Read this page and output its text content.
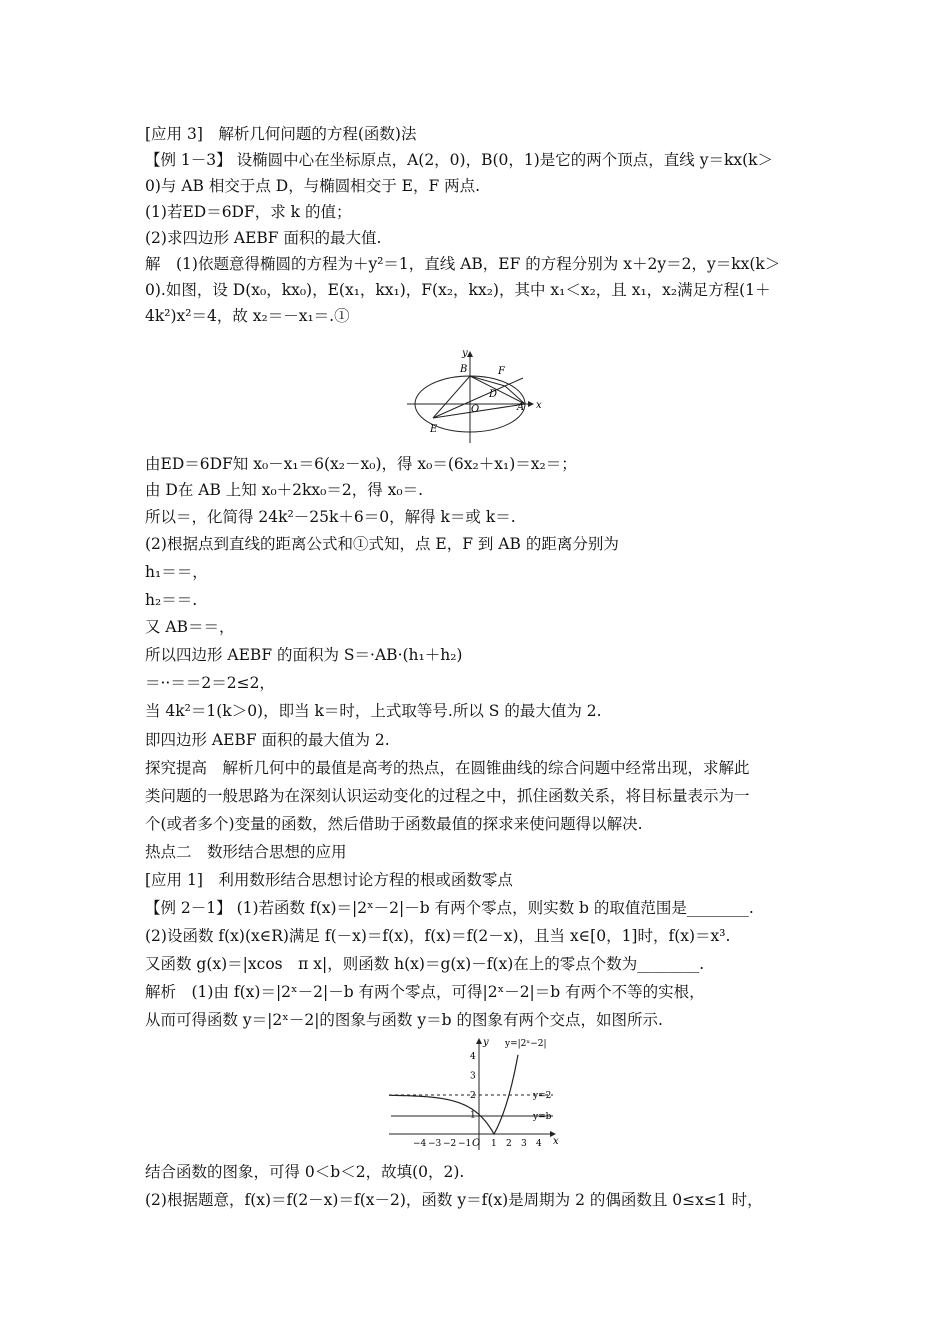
[应用 3]　解析几何问题的方程(函数)法
【例 1－3】 设椭圆中心在坐标原点，A(2，0)，B(0，1)是它的两个顶点，直线 y＝kx(k＞
0)与 AB 相交于点 D，与椭圆相交于 E，F 两点.
(1)若ED＝6DF，求 k 的值；
(2)求四边形 AEBF 面积的最大值.
解　(1)依题意得椭圆的方程为＋y²＝1，直线 AB，EF 的方程分别为 x＋2y＝2，y＝kx(k＞
0).如图，设 D(x₀，kx₀)，E(x₁，kx₁)，F(x₂，kx₂)，其中 x₁＜x₂，且 x₁，x₂满足方程(1＋
4k²)x²＝4，故 x₂＝－x₁＝.①
y
x
B	F
D
O	A
E
由ED＝6DF知 x₀－x₁＝6(x₂－x₀)，得 x₀＝(6x₂＋x₁)＝x₂＝；
由 D在 AB 上知 x₀＋2kx₀＝2，得 x₀＝.
所以＝，化简得 24k²－25k＋6＝0，解得 k＝或 k＝.
(2)根据点到直线的距离公式和①式知，点 E，F 到 AB 的距离分别为
h₁＝＝，
h₂＝＝.
又 AB＝＝，
所以四边形 AEBF 的面积为 S＝·AB·(h₁＋h₂)
＝··＝＝2＝2≤2，
当 4k²＝1(k＞0)，即当 k＝时，上式取等号.所以 S 的最大值为 2.
即四边形 AEBF 面积的最大值为 2.
探究提高　解析几何中的最值是高考的热点，在圆锥曲线的综合问题中经常出现，求解此
类问题的一般思路为在深刻认识运动变化的过程之中，抓住函数关系，将目标量表示为一
个(或者多个)变量的函数，然后借助于函数最值的探求来使问题得以解决.
热点二　数形结合思想的应用
[应用 1]　利用数形结合思想讨论方程的根或函数零点
【例 2－1】 (1)若函数 f(x)＝|2ˣ－2|－b 有两个零点，则实数 b 的取值范围是________.
(2)设函数 f(x)(x∈R)满足 f(－x)＝f(x)，f(x)＝f(2－x)，且当 x∈[0，1]时，f(x)＝x³.
又函数 g(x)＝|xcos　π x|，则函数 h(x)＝g(x)－f(x)在上的零点个数为________.
解析　(1)由 f(x)＝|2ˣ－2|－b 有两个零点，可得|2ˣ－2|＝b 有两个不等的实根，
从而可得函数 y＝|2ˣ－2|的图象与函数 y＝b 的图象有两个交点，如图所示.
4
3
2
1
−4 −3 −2 −1 1 2 3 4
y
x
y=|2ˣ−2|
y=2
y=b
O
结合函数的图象，可得 0＜b＜2，故填(0，2).
(2)根据题意，f(x)＝f(2－x)＝f(x－2)，函数 y＝f(x)是周期为 2 的偶函数且 0≤x≤1 时，
